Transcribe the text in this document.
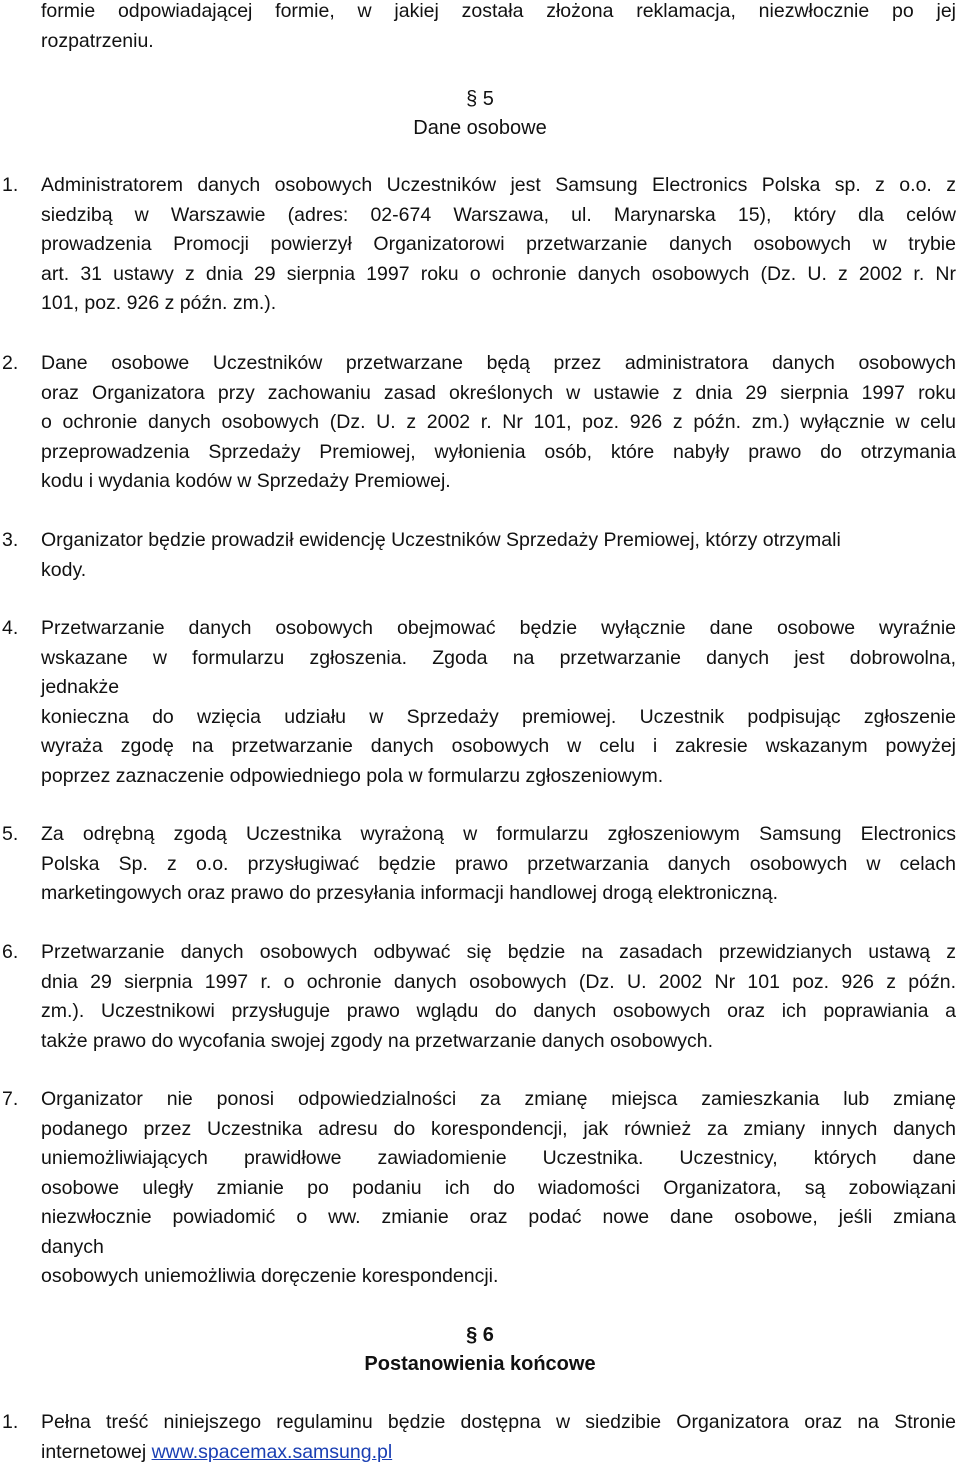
formie odpowiadającej formie, w jakiej została złożona reklamacja, niezwłocznie po jej
rozpatrzeniu.
§ 5
Dane osobowe
1. Administratorem danych osobowych Uczestników jest Samsung Electronics Polska sp. z o.o. z
siedzibą w Warszawie (adres: 02-674 Warszawa, ul. Marynarska 15), który dla celów
prowadzenia Promocji powierzył Organizatorowi przetwarzanie danych osobowych w trybie
art. 31 ustawy z dnia 29 sierpnia 1997 roku o ochronie danych osobowych (Dz. U. z 2002 r. Nr
101, poz. 926 z późn. zm.).
2. Dane osobowe Uczestników przetwarzane będą przez administratora danych osobowych
oraz Organizatora przy zachowaniu zasad określonych w ustawie z dnia 29 sierpnia 1997 roku
o ochronie danych osobowych (Dz. U. z 2002 r. Nr 101, poz. 926 z późn. zm.) wyłącznie w celu
przeprowadzenia Sprzedaży Premiowej, wyłonienia osób, które nabyły prawo do otrzymania
kodu i wydania kodów w Sprzedaży Premiowej.
3. Organizator będzie prowadził ewidencję Uczestników Sprzedaży Premiowej, którzy otrzymali
kody.
4. Przetwarzanie danych osobowych obejmować będzie wyłącznie dane osobowe wyraźnie
wskazane w formularzu zgłoszenia. Zgoda na przetwarzanie danych jest dobrowolna,
jednakże
konieczna do wzięcia udziału w Sprzedaży premiowej. Uczestnik podpisując zgłoszenie
wyraża zgodę na przetwarzanie danych osobowych w celu i zakresie wskazanym powyżej
poprzez zaznaczenie odpowiedniego pola w formularzu zgłoszeniowym.
5. Za odrębną zgodą Uczestnika wyrażoną w formularzu zgłoszeniowym Samsung Electronics
Polska Sp. z o.o. przysługiwać będzie prawo przetwarzania danych osobowych w celach
marketingowych oraz prawo do przesyłania informacji handlowej drogą elektroniczną.
6. Przetwarzanie danych osobowych odbywać się będzie na zasadach przewidzianych ustawą z
dnia 29 sierpnia 1997 r. o ochronie danych osobowych (Dz. U. 2002 Nr 101 poz. 926 z późn.
zm.). Uczestnikowi przysługuje prawo wglądu do danych osobowych oraz ich poprawiania a
także prawo do wycofania swojej zgody na przetwarzanie danych osobowych.
7. Organizator nie ponosi odpowiedzialności za zmianę miejsca zamieszkania lub zmianę
podanego przez Uczestnika adresu do korespondencji, jak również za zmiany innych danych
uniemożliwiających prawidłowe zawiadomienie Uczestnika. Uczestnicy, których dane
osobowe uległy zmianie po podaniu ich do wiadomości Organizatora, są zobowiązani
niezwłocznie powiadomić o ww. zmianie oraz podać nowe dane osobowe, jeśli zmiana
danych
osobowych uniemożliwia doręczenie korespondencji.
§ 6
Postanowienia końcowe
1. Pełna treść niniejszego regulaminu będzie dostępna w siedzibie Organizatora oraz na Stronie
internetowej www.spacemax.samsung.pl
